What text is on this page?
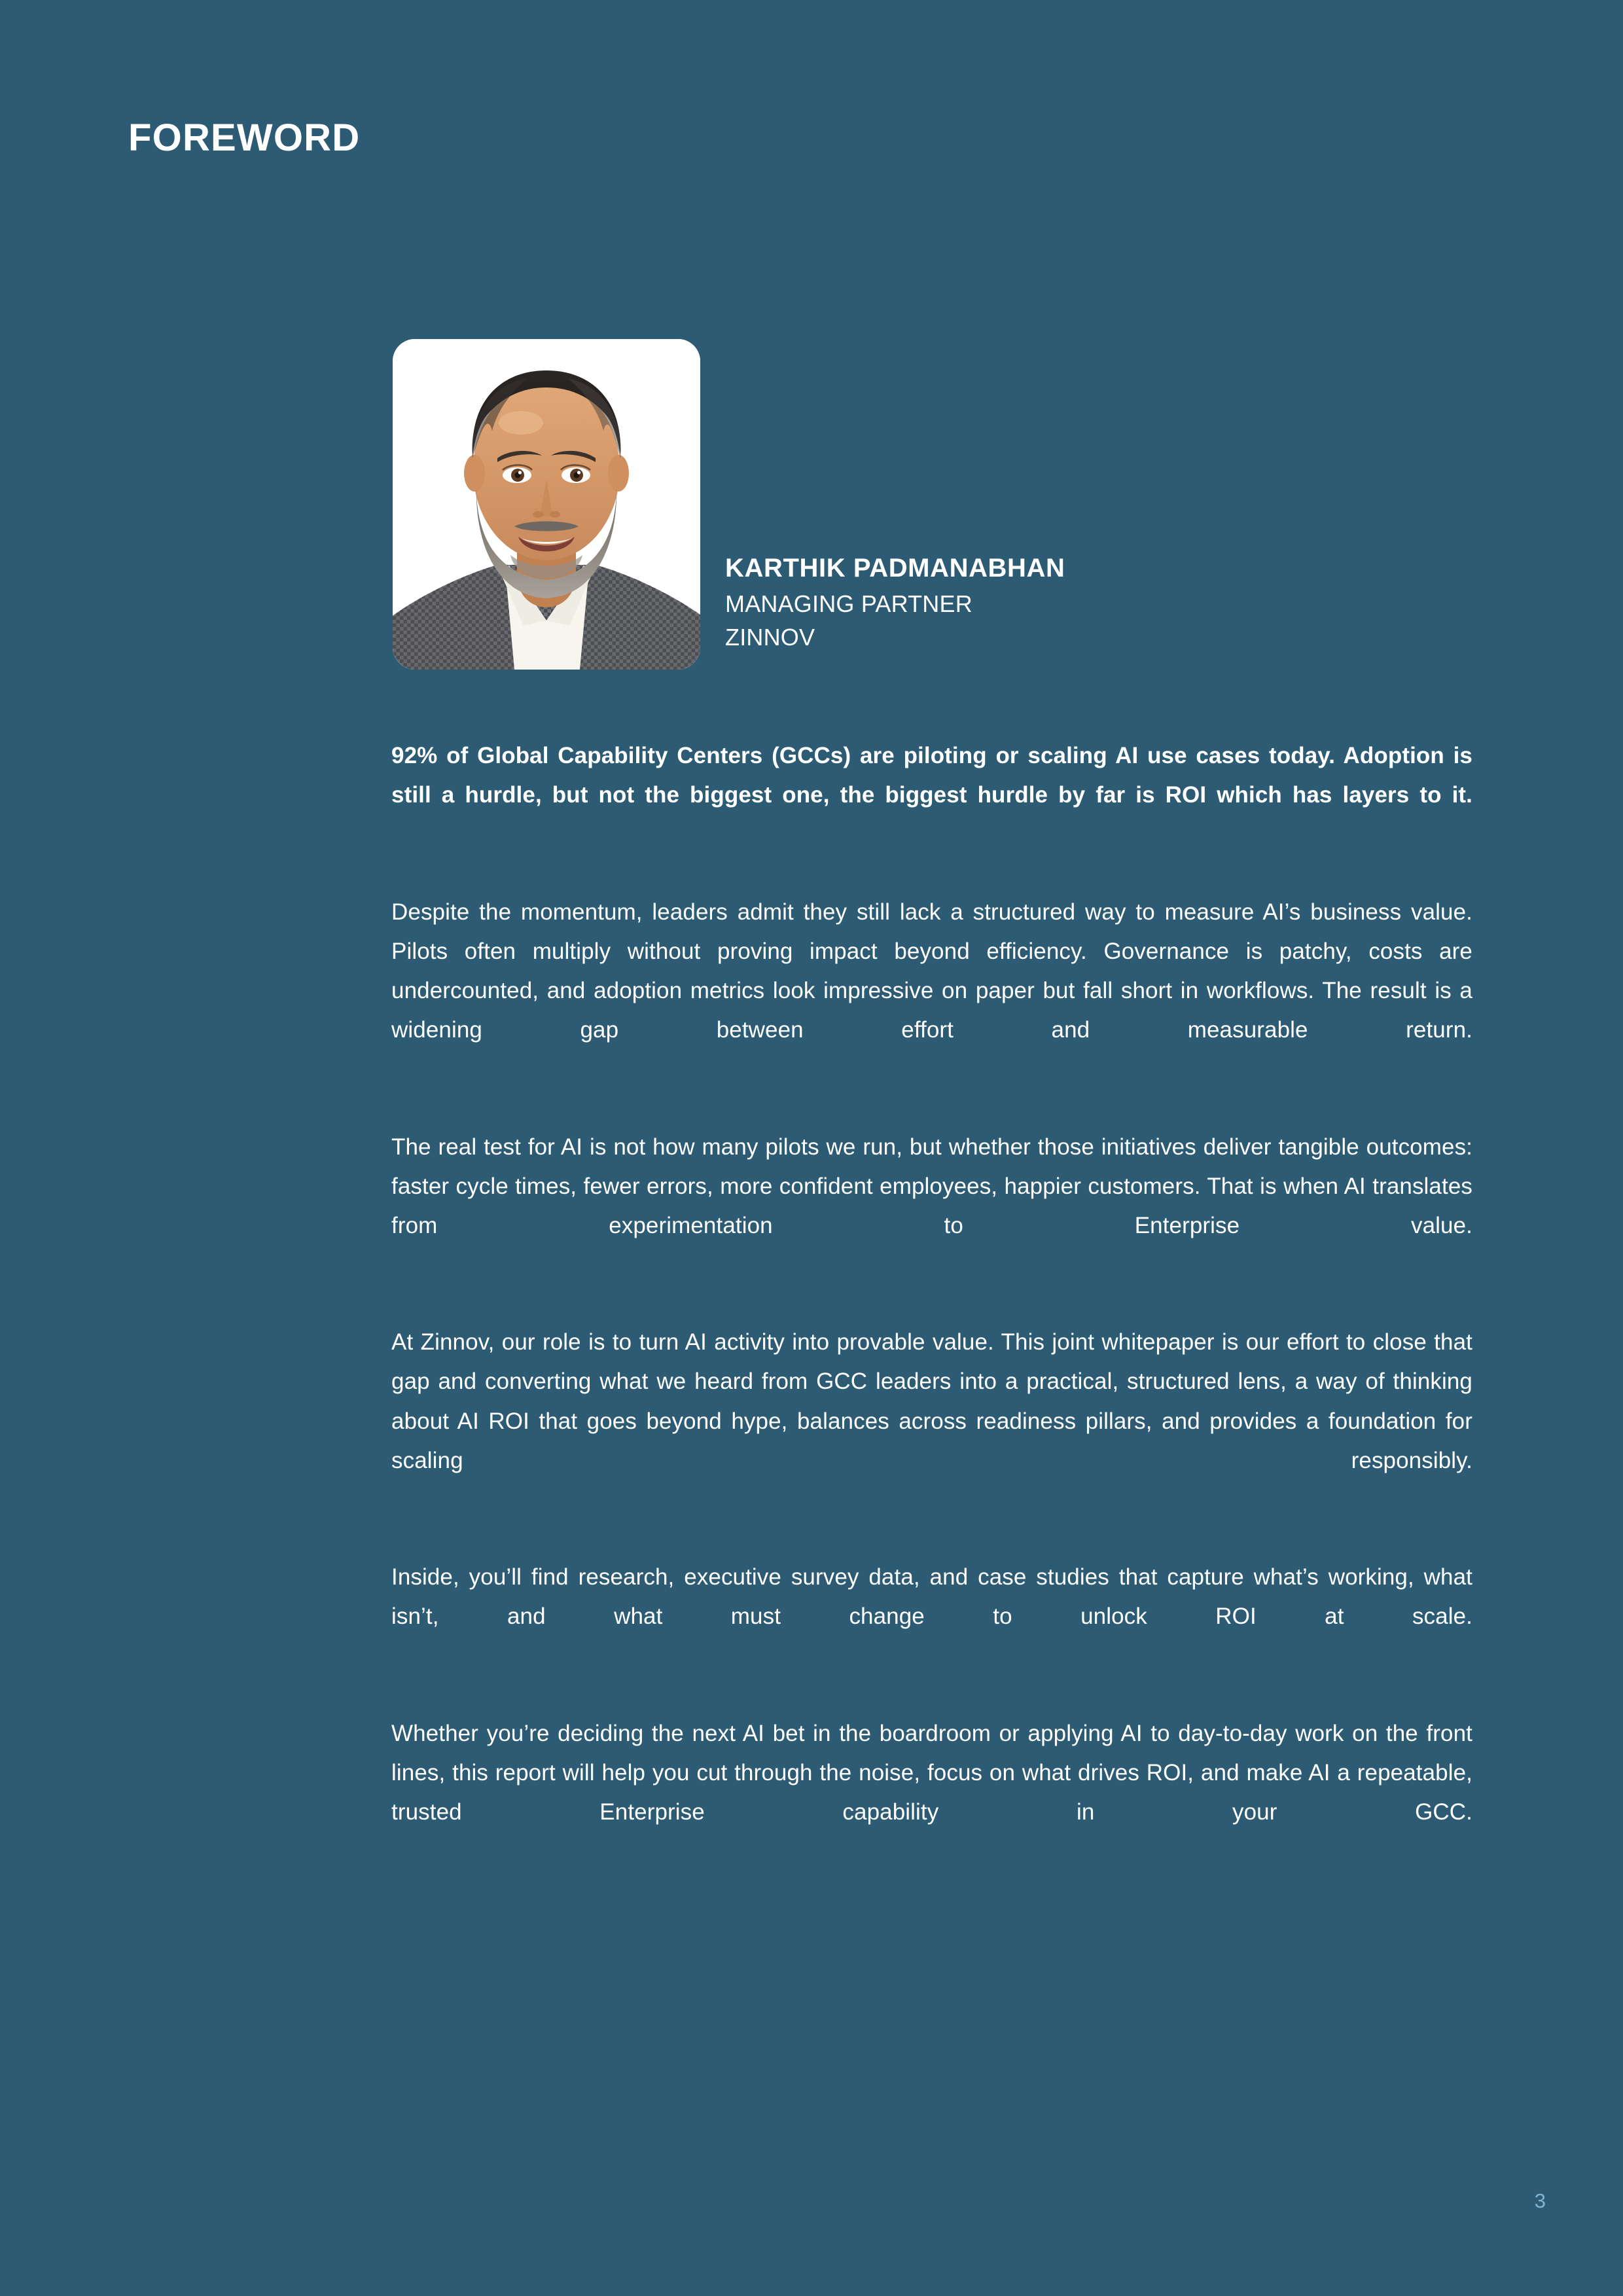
FOREWORD
KARTHIK PADMANABHAN
MANAGING PARTNER
ZINNOV

92% of Global Capability Centers (GCCs) are piloting or scaling AI use cases today. Adoption is still a hurdle, but not the biggest one, the biggest hurdle by far is ROI which has layers to it.

Despite the momentum, leaders admit they still lack a structured way to measure AI’s business value. Pilots often multiply without proving impact beyond efficiency. Governance is patchy, costs are undercounted, and adoption metrics look impressive on paper but fall short in workflows. The result is a widening gap between effort and measurable return.

The real test for AI is not how many pilots we run, but whether those initiatives deliver tangible outcomes: faster cycle times, fewer errors, more confident employees, happier customers. That is when AI translates from experimentation to Enterprise value.

At Zinnov, our role is to turn AI activity into provable value. This joint whitepaper is our effort to close that gap and converting what we heard from GCC leaders into a practical, structured lens, a way of thinking about AI ROI that goes beyond hype, balances across readiness pillars, and provides a foundation for scaling responsibly.

Inside, you’ll find research, executive survey data, and case studies that capture what’s working, what isn’t, and what must change to unlock ROI at scale.

Whether you’re deciding the next AI bet in the boardroom or applying AI to day-to-day work on the front lines, this report will help you cut through the noise, focus on what drives ROI, and make AI a repeatable, trusted Enterprise capability in your GCC.

3
